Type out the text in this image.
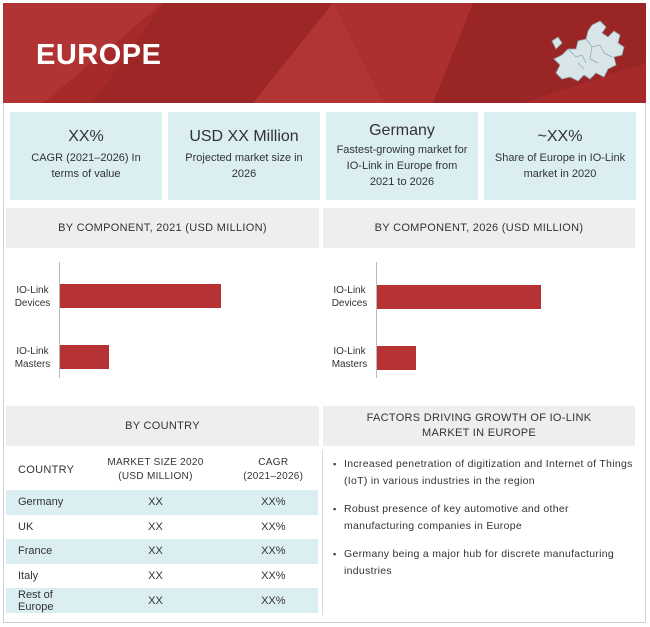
EUROPE
XX%
CAGR (2021–2026) In terms of value
USD XX Million
Projected market size in 2026
Germany
Fastest-growing market for IO-Link in Europe from 2021 to 2026
~XX%
Share of Europe in IO-Link market in 2020
BY COMPONENT, 2021 (USD MILLION)	BY COMPONENT, 2026 (USD MILLION)
IO-Link Devices
IO-Link Masters
IO-Link Devices
IO-Link Masters
BY COUNTRY
FACTORS DRIVING GROWTH OF IO-LINK MARKET IN EUROPE
COUNTRY	MARKET SIZE 2020 (USD MILLION)	CAGR (2021–2026)
Germany	XX	XX%
UK	XX	XX%
France	XX	XX%
Italy	XX	XX%
Rest of Europe	XX	XX%
▪ Increased penetration of digitization and Internet of Things (IoT) in various industries in the region
▪ Robust presence of key automotive and other manufacturing companies in Europe
▪ Germany being a major hub for discrete manufacturing industries
